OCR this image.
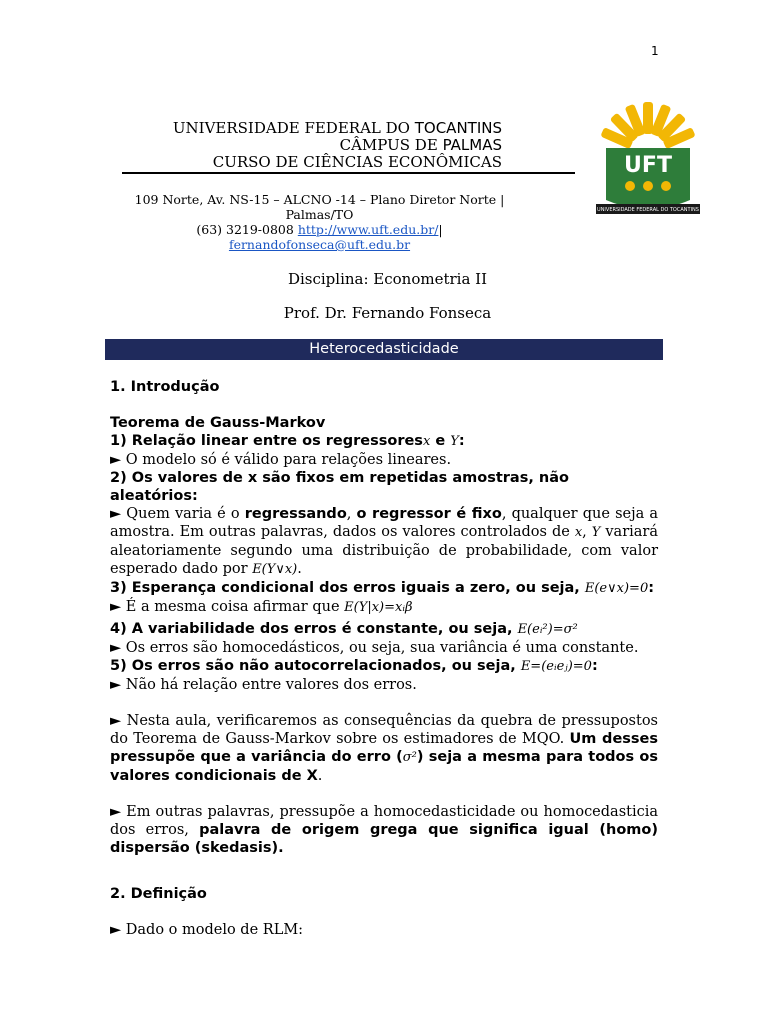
1
UNIVERSIDADE FEDERAL DO TOCANTINS
CÂMPUS DE PALMAS
CURSO DE CIÊNCIAS ECONÔMICAS	UFT
UNIVERSIDADE FEDERAL DO TOCANTINS
109 Norte, Av. NS-15 – ALCNO -14 – Plano Diretor Norte |
Palmas/TO
(63) 3219-0808 http://www.uft.edu.br/|
fernandofonseca@uft.edu.br
Disciplina: Econometria II
Prof. Dr. Fernando Fonseca
Heterocedasticidade
1. Introdução
Teorema de Gauss-Markov
1) Relação linear entre os regressoresx e Y:
► O modelo só é válido para relações lineares.
2) Os valores de x são fixos em repetidas amostras, não aleatórios:
► Quem varia é o regressando, o regressor é fixo, qualquer que seja a amostra. Em outras palavras, dados os valores controlados de x, Y variará aleatoriamente segundo uma distribuição de probabilidade, com valor esperado dado por E(Y∨x).
3) Esperança condicional dos erros iguais a zero, ou seja, E(e∨x)=0:
► É a mesma coisa afirmar que E(Y|x)=xᵢβ
4) A variabilidade dos erros é constante, ou seja, E(eᵢ²)=σ²
► Os erros são homocedásticos, ou seja, sua variância é uma constante.
5) Os erros são não autocorrelacionados, ou seja, E=(eᵢeⱼ)=0:
► Não há relação entre valores dos erros.
► Nesta aula, verificaremos as consequências da quebra de pressupostos do Teorema de Gauss-Markov sobre os estimadores de MQO. Um desses pressupõe que a variância do erro (σ²) seja a mesma para todos os valores condicionais de X.
► Em outras palavras, pressupõe a homocedasticidade ou homocedasticia dos erros, palavra de origem grega que significa igual (homo) dispersão (skedasis).
2. Definição
► Dado o modelo de RLM:
